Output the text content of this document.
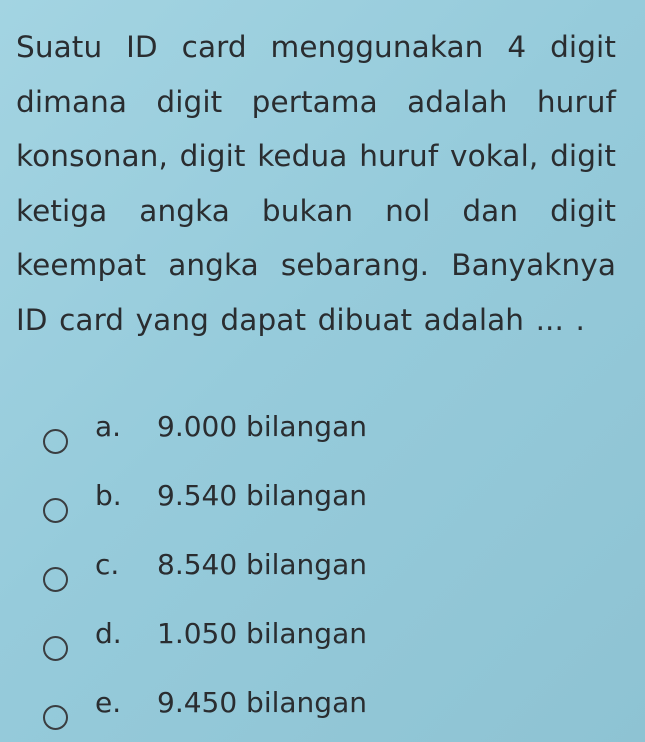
Suatu ID card menggunakan 4 digit dimana digit pertama adalah huruf konsonan, digit kedua huruf vokal, digit ketiga angka bukan nol dan digit keempat angka sebarang. Banyaknya ID card yang dapat dibuat adalah ... .

a. 9.000 bilangan
b. 9.540 bilangan
c. 8.540 bilangan
d. 1.050 bilangan
e. 9.450 bilangan
